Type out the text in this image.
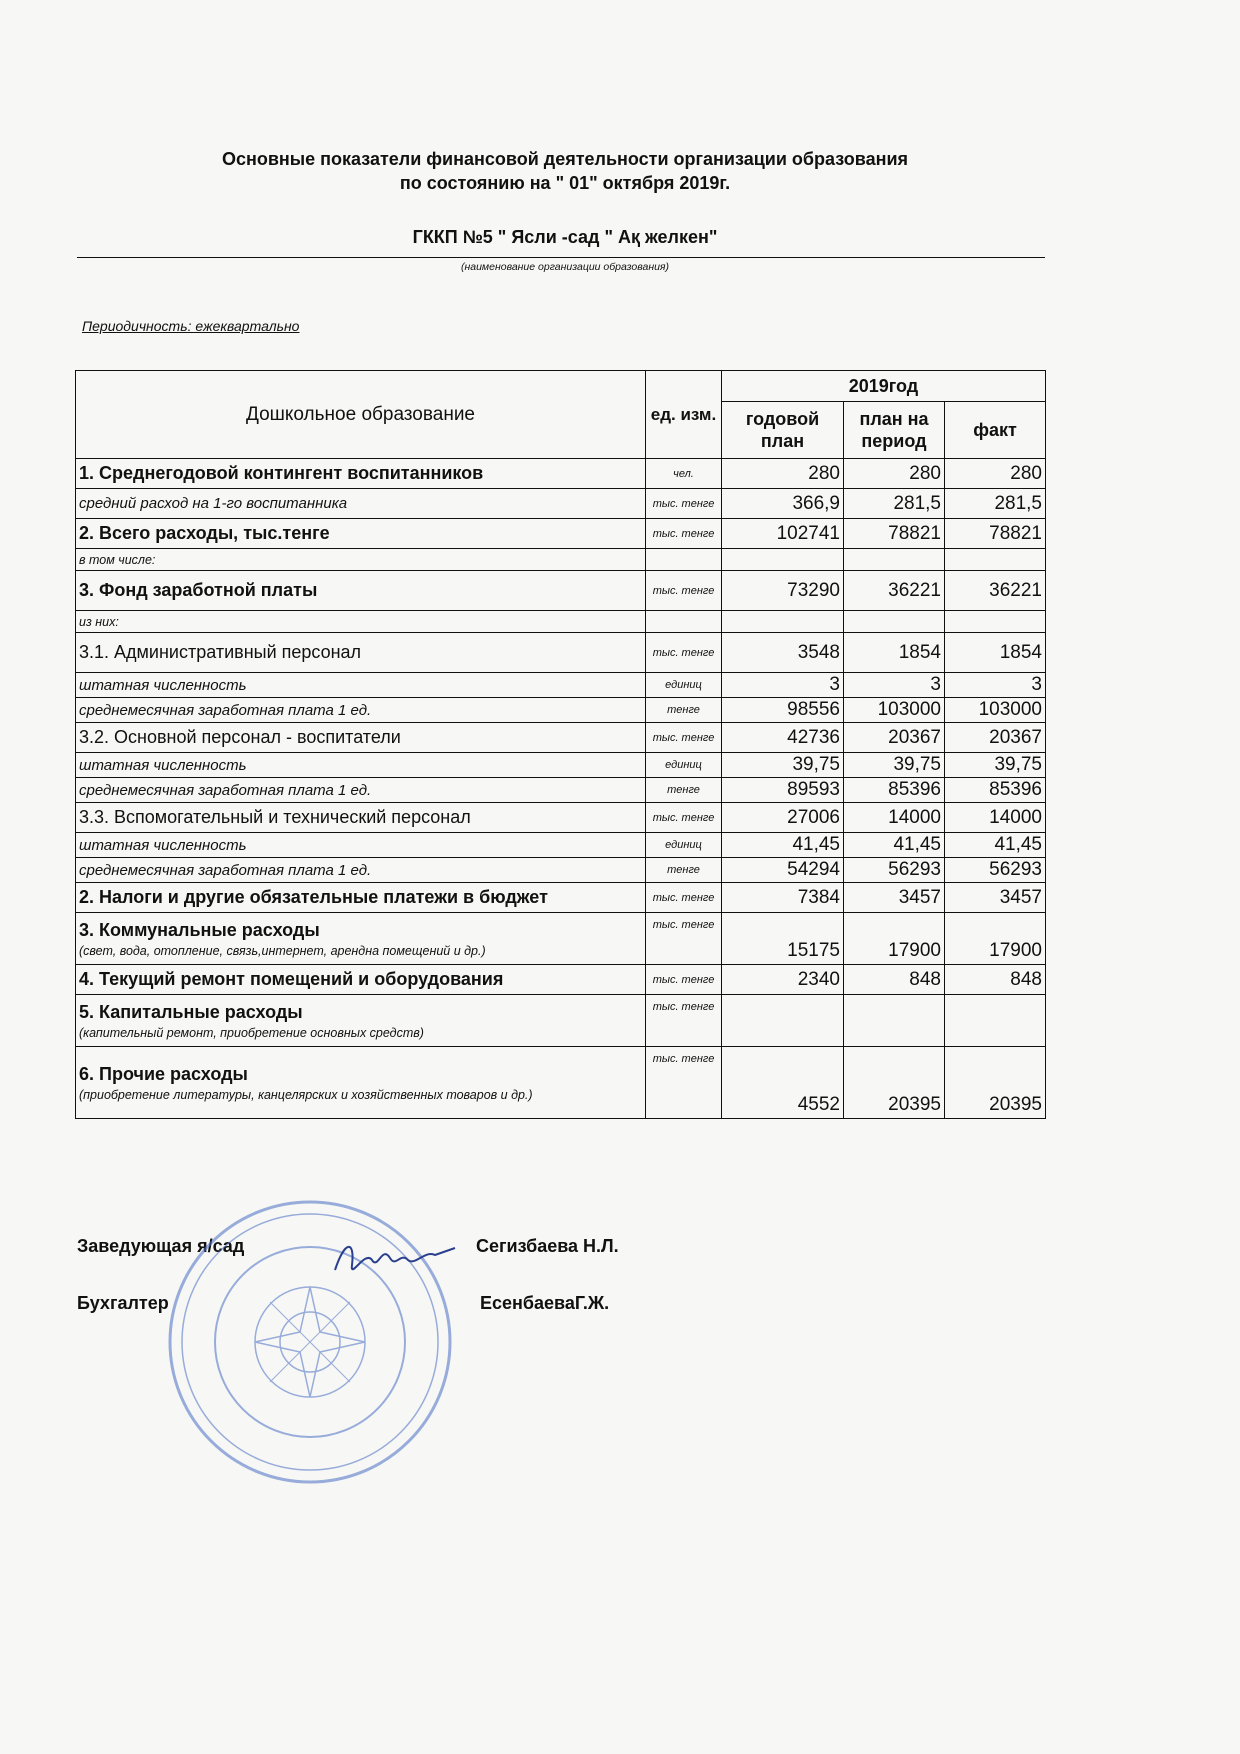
Основные показатели финансовой деятельности организации образования
по состоянию на " 01" октября 2019г.
ГККП №5 " Ясли -сад " Ақ желкен"
(наименование организации образования)
Периодичность: ежеквартально
Дошкольное образование	ед. изм.	2019год		
		годовой план	план на период	факт
1. Среднегодовой контингент воспитанников	чел.	280	280	280
средний расход на 1-го воспитанника	тыс. тенге	366,9	281,5	281,5
2. Всего расходы, тыс.тенге	тыс. тенге	102741	78821	78821
в том числе:				
3. Фонд заработной платы	тыс. тенге	73290	36221	36221
из них:				
3.1. Административный персонал	тыс. тенге	3548	1854	1854
штатная численность	единиц	3	3	3
среднемесячная заработная плата 1 ед.	тенге	98556	103000	103000
3.2. Основной персонал - воспитатели	тыс. тенге	42736	20367	20367
штатная численность	единиц	39,75	39,75	39,75
среднемесячная заработная плата 1 ед.	тенге	89593	85396	85396
3.3. Вспомогательный и технический персонал	тыс. тенге	27006	14000	14000
штатная численность	единиц	41,45	41,45	41,45
среднемесячная заработная плата 1 ед.	тенге	54294	56293	56293
2. Налоги и другие обязательные платежи в бюджет	тыс. тенге	7384	3457	3457
3. Коммунальные расходы
(свет, вода, отопление, связь,интернет, арендна помещений и др.)	тыс. тенге	15175	17900	17900
4. Текущий ремонт помещений и оборудования	тыс. тенге	2340	848	848
5. Капитальные расходы
(капительный ремонт, приобретение основных средств)	тыс. тенге			
6. Прочие расходы
(приобретение литературы, канцелярских и хозяйственных товаров и др.)	тыс. тенге	4552	20395	20395
Заведующая я/сад	Сегизбаева Н.Л.
Бухгалтер	ЕсенбаеваГ.Ж.
